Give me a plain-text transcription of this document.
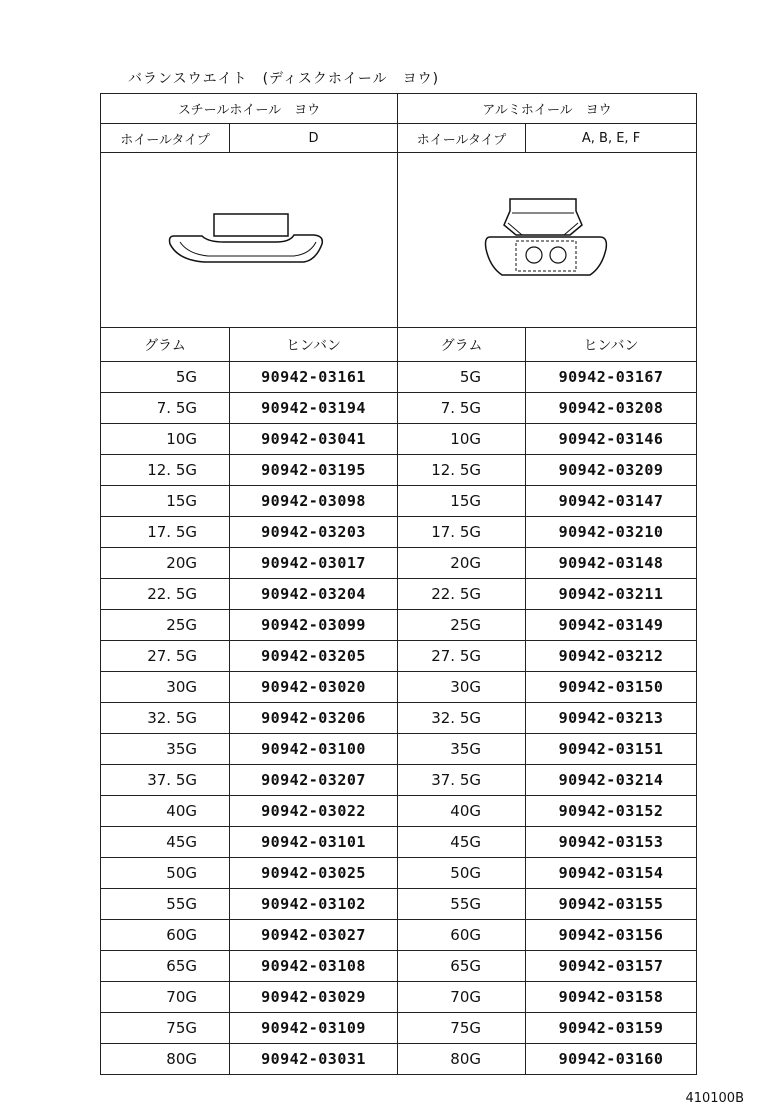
バランスウエイト　(ディスクホイール　ヨウ)
スチールホイール　ヨウ		アルミホイール　ヨウ	
ホイールタイプ	D	ホイールタイプ	A, B, E, F

グラム	ヒンバン	グラム	ヒンバン
5G	90942-03161	5G	90942-03167
7. 5G	90942-03194	7. 5G	90942-03208
10G	90942-03041	10G	90942-03146
12. 5G	90942-03195	12. 5G	90942-03209
15G	90942-03098	15G	90942-03147
17. 5G	90942-03203	17. 5G	90942-03210
20G	90942-03017	20G	90942-03148
22. 5G	90942-03204	22. 5G	90942-03211
25G	90942-03099	25G	90942-03149
27. 5G	90942-03205	27. 5G	90942-03212
30G	90942-03020	30G	90942-03150
32. 5G	90942-03206	32. 5G	90942-03213
35G	90942-03100	35G	90942-03151
37. 5G	90942-03207	37. 5G	90942-03214
40G	90942-03022	40G	90942-03152
45G	90942-03101	45G	90942-03153
50G	90942-03025	50G	90942-03154
55G	90942-03102	55G	90942-03155
60G	90942-03027	60G	90942-03156
65G	90942-03108	65G	90942-03157
70G	90942-03029	70G	90942-03158
75G	90942-03109	75G	90942-03159
80G	90942-03031	80G	90942-03160
410100B
